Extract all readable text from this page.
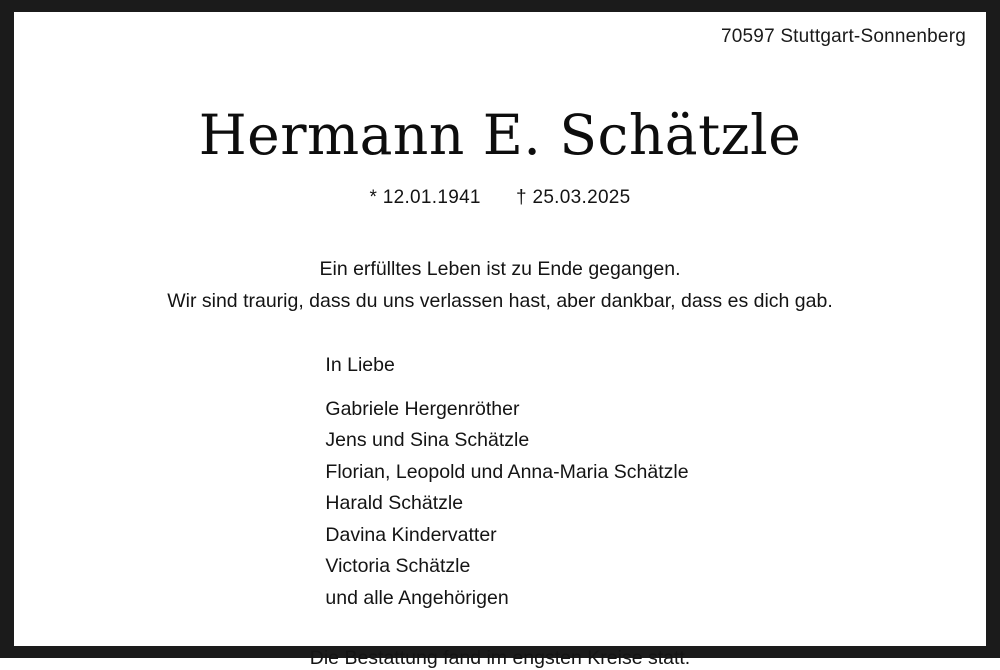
70597 Stuttgart-Sonnenberg
Hermann E. Schätzle
* 12.01.1941 † 25.03.2025
Ein erfülltes Leben ist zu Ende gegangen.
Wir sind traurig, dass du uns verlassen hast, aber dankbar, dass es dich gab.
In Liebe
Gabriele Hergenröther
Jens und Sina Schätzle
Florian, Leopold und Anna-Maria Schätzle
Harald Schätzle
Davina Kindervatter
Victoria Schätzle
und alle Angehörigen
Die Bestattung fand im engsten Kreise statt.
